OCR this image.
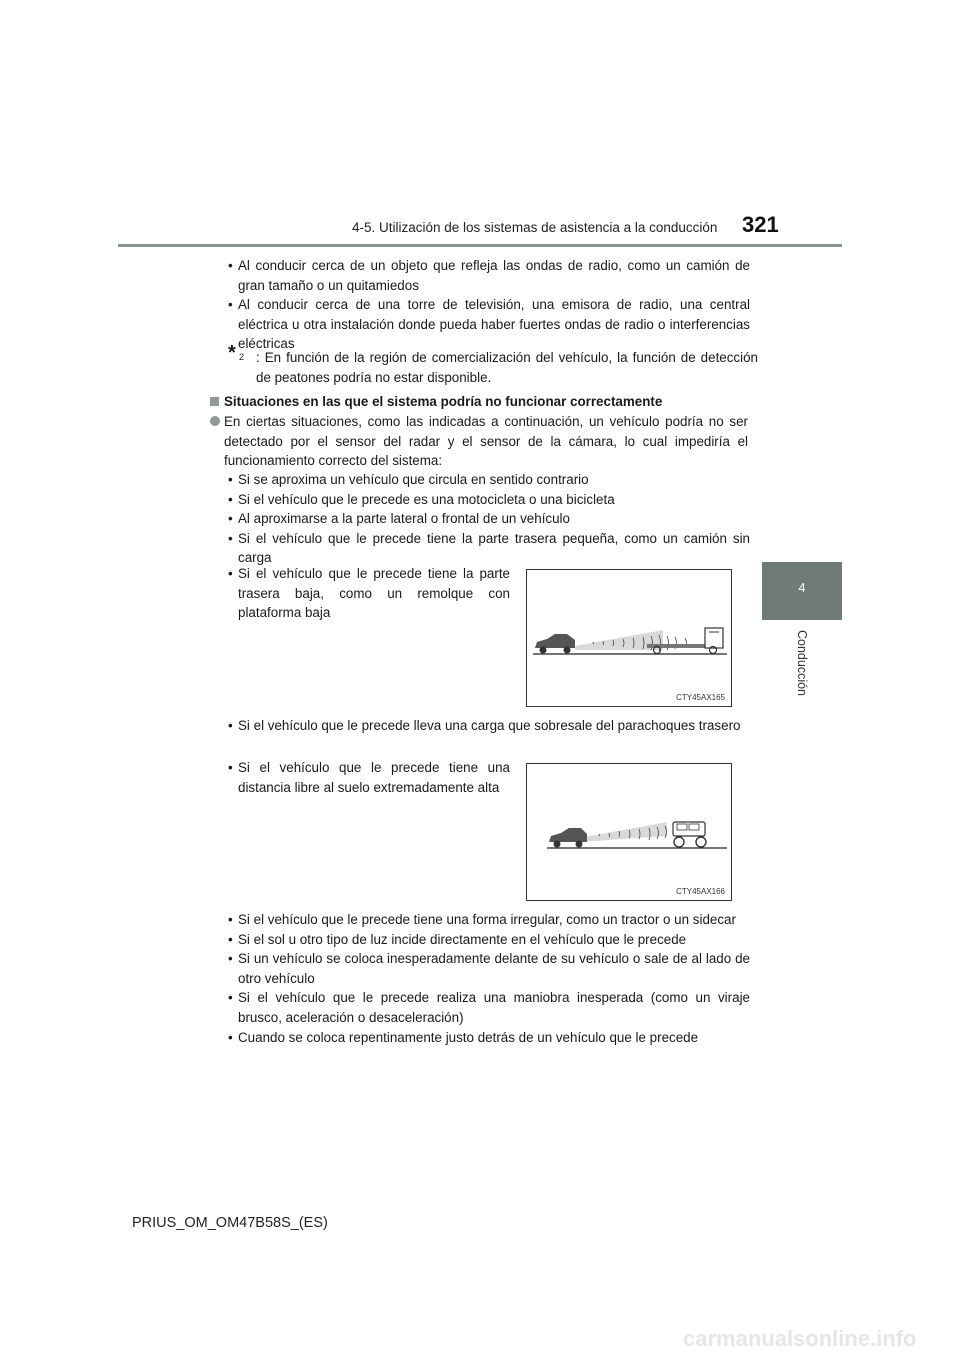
4-5. Utilización de los sistemas de asistencia a la conducción 321
4
Conducción
• Al conducir cerca de un objeto que refleja las ondas de radio, como un camión de gran tamaño o un quitamiedos
• Al conducir cerca de una torre de televisión, una emisora de radio, una central eléctrica u otra instalación donde pueda haber fuertes ondas de radio o interferencias eléctricas
* 2 : En función de la región de comercialización del vehículo, la función de detección de peatones podría no estar disponible.
Situaciones en las que el sistema podría no funcionar correctamente
En ciertas situaciones, como las indicadas a continuación, un vehículo podría no ser detectado por el sensor del radar y el sensor de la cámara, lo cual impediría el funcionamiento correcto del sistema:
• Si se aproxima un vehículo que circula en sentido contrario
• Si el vehículo que le precede es una motocicleta o una bicicleta
• Al aproximarse a la parte lateral o frontal de un vehículo
• Si el vehículo que le precede tiene la parte trasera pequeña, como un camión sin carga
• Si el vehículo que le precede tiene la parte trasera baja, como un remolque con plataforma baja
• Si el vehículo que le precede lleva una carga que sobresale del parachoques trasero
• Si el vehículo que le precede tiene una distancia libre al suelo extremadamente alta
• Si el vehículo que le precede tiene una forma irregular, como un tractor o un sidecar
• Si el sol u otro tipo de luz incide directamente en el vehículo que le precede
• Si un vehículo se coloca inesperadamente delante de su vehículo o sale de al lado de otro vehículo
• Si el vehículo que le precede realiza una maniobra inesperada (como un viraje brusco, aceleración o desaceleración)
• Cuando se coloca repentinamente justo detrás de un vehículo que le precede
CTY45AX165
CTY45AX166
PRIUS_OM_OM47B58S_(ES)
carmanualsonline.info
